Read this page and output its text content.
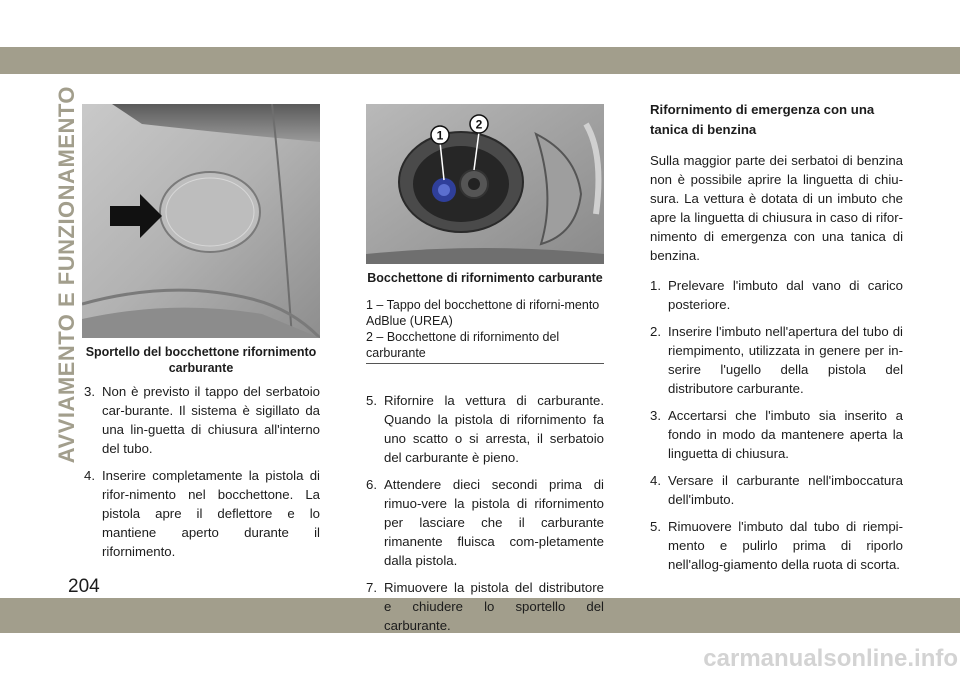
AVVIAMENTO E FUNZIONAMENTO Sportello del bocchettone rifornimento carburante
1
2
Bocchettone di rifornimento carburante
1 – Tappo del bocchettone di riforni-mento AdBlue (UREA)
2 – Bocchettone di rifornimento del carburante
3. Non è previsto il tappo del serbatoio car-burante. Il sistema è sigillato da una lin-guetta di chiusura all'interno del tubo.
4. Inserire completamente la pistola di rifor-nimento nel bocchettone. La pistola apre il deflettore e lo mantiene aperto durante il rifornimento.
5. Rifornire la vettura di carburante. Quando la pistola di rifornimento fa uno scatto o si arresta, il serbatoio del carburante è pieno.
6. Attendere dieci secondi prima di rimuo-vere la pistola di rifornimento per lasciare che il carburante rimanente fluisca com-pletamente dalla pistola.
7. Rimuovere la pistola del distributore e chiudere lo sportello del carburante.
Rifornimento di emergenza con una tanica di benzina

Sulla maggior parte dei serbatoi di benzina non è possibile aprire la linguetta di chiu-sura. La vettura è dotata di un imbuto che apre la linguetta di chiusura in caso di rifor-nimento di emergenza con una tanica di benzina.

1. Prelevare l'imbuto dal vano di carico posteriore.
2. Inserire l'imbuto nell'apertura del tubo di riempimento, utilizzata in genere per in-serire l'ugello della pistola del distributore carburante.
3. Accertarsi che l'imbuto sia inserito a fondo in modo da mantenere aperta la linguetta di chiusura.
4. Versare il carburante nell'imboccatura dell'imbuto.
5. Rimuovere l'imbuto dal tubo di riempi-mento e pulirlo prima di riporlo nell'allog-giamento della ruota di scorta.
204
carmanualsonline.info
